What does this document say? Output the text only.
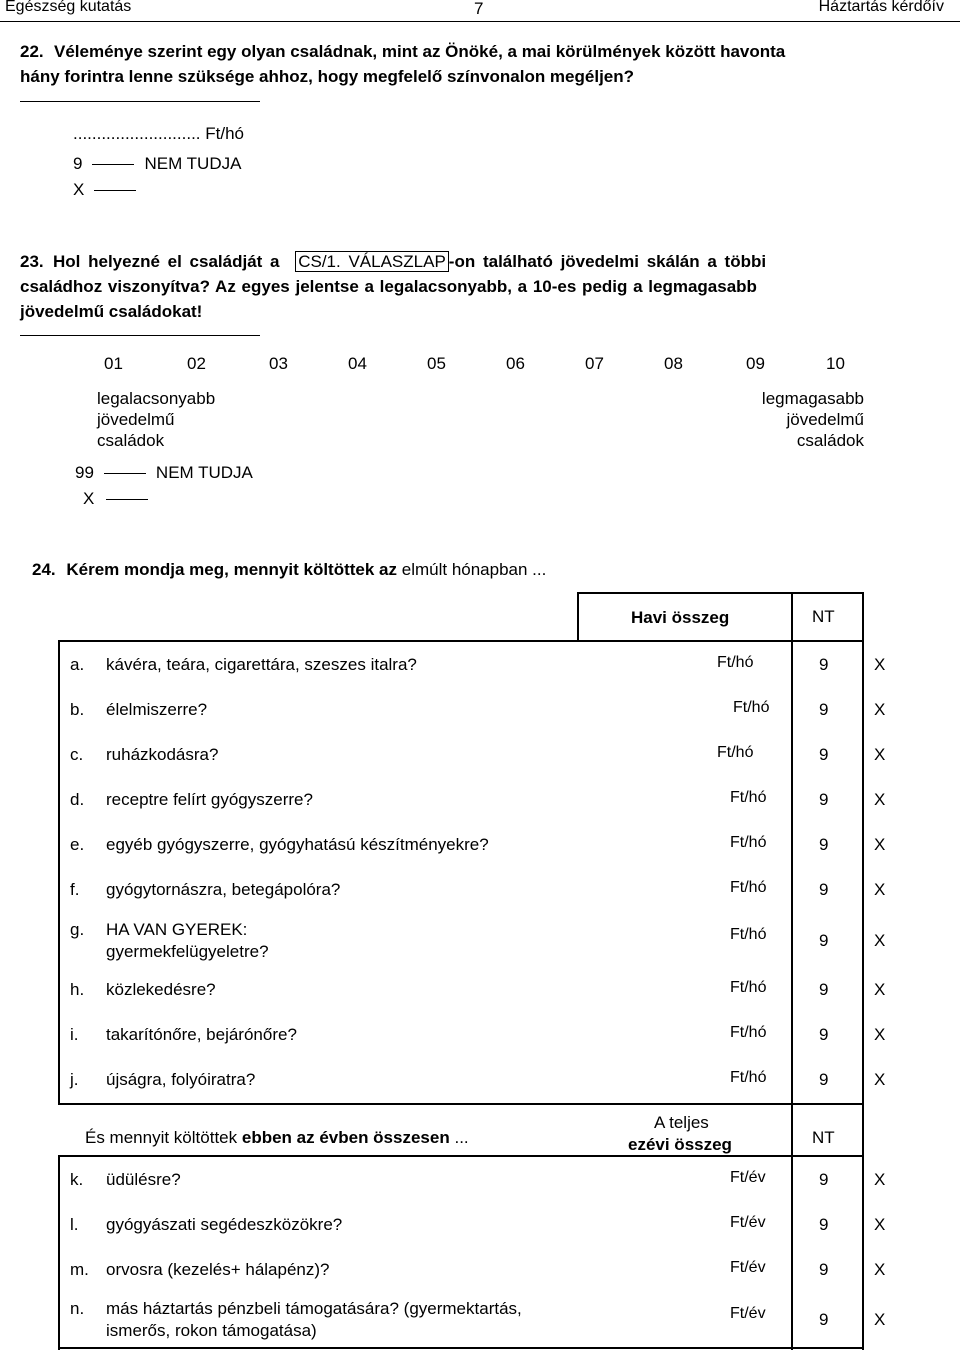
Egészség kutatás	7	Háztartás kérdőív
22. Véleménye szerint egy olyan családnak, mint az Önöké, a mai körülmények között havonta
hány forintra lenne szüksége ahhoz, hogy megfelelő színvonalon megéljen?
........................... Ft/hó
9	NEM TUDJA
X
23. Hol helyezné el családját a CS/1. VÁLASZLAP -on található jövedelmi skálán a többi
családhoz viszonyítva? Az egyes jelentse a legalacsonyabb, a 10-es pedig a legmagasabb
jövedelmű családokat!
01	02	03	04	05	06	07	08	09	10
legalacsonyabb
jövedelmű
családok
legmagasabb
jövedelmű
családok
99	NEM TUDJA
X
24. Kérem mondja meg, mennyit költöttek az elmúlt hónapban ...
Havi összeg	NT
a. kávéra, teára, cigarettára, szeszes italra?	Ft/hó	9	X
b. élelmiszerre?	Ft/hó	9	X
c. ruházkodásra?	Ft/hó	9	X
d. receptre felírt gyógyszerre?	Ft/hó	9	X
e. egyéb gyógyszerre, gyógyhatású készítményekre?	Ft/hó	9	X
f. gyógytornászra, betegápolóra?	Ft/hó	9	X
g. HA VAN GYEREK:
gyermekfelügyeletre?
Ft/hó	9	X
h. közlekedésre?	Ft/hó	9	X
i. takarítónőre, bejárónőre?	Ft/hó	9	X
j. újságra, folyóiratra?	Ft/hó	9	X
És mennyit költöttek ebben az évben összesen ...
A teljes
ezévi összeg	NT
k. üdülésre?	Ft/év	9	X
l. gyógyászati segédeszközökre?	Ft/év	9	X
m. orvosra (kezelés+ hálapénz)?	Ft/év	9	X
n. más háztartás pénzbeli támogatására? (gyermektartás,
ismerős, rokon támogatása)
Ft/év	9	X
